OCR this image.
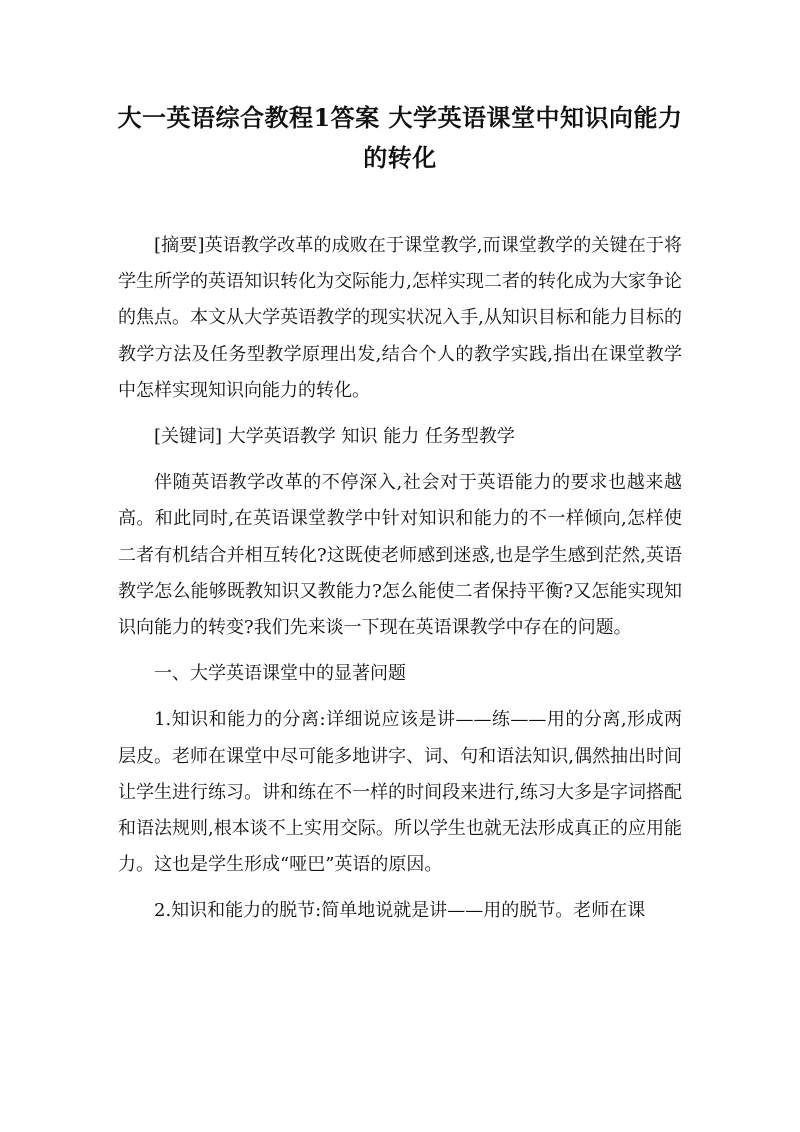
大一英语综合教程1答案 大学英语课堂中知识向能力的转化

[摘要]英语教学改革的成败在于课堂教学,而课堂教学的关键在于将学生所学的英语知识转化为交际能力,怎样实现二者的转化成为大家争论的焦点。本文从大学英语教学的现实状况入手,从知识目标和能力目标的教学方法及任务型教学原理出发,结合个人的教学实践,指出在课堂教学中怎样实现知识向能力的转化。

[关键词] 大学英语教学 知识 能力 任务型教学

伴随英语教学改革的不停深入,社会对于英语能力的要求也越来越高。和此同时,在英语课堂教学中针对知识和能力的不一样倾向,怎样使二者有机结合并相互转化?这既使老师感到迷惑,也是学生感到茫然,英语教学怎么能够既教知识又教能力?怎么能使二者保持平衡?又怎能实现知识向能力的转变?我们先来谈一下现在英语课教学中存在的问题。

一、大学英语课堂中的显著问题

1.知识和能力的分离:详细说应该是讲——练——用的分离,形成两层皮。老师在课堂中尽可能多地讲字、词、句和语法知识,偶然抽出时间让学生进行练习。讲和练在不一样的时间段来进行,练习大多是字词搭配和语法规则,根本谈不上实用交际。所以学生也就无法形成真正的应用能力。这也是学生形成“哑巴”英语的原因。

2.知识和能力的脱节:简单地说就是讲——用的脱节。老师在课
